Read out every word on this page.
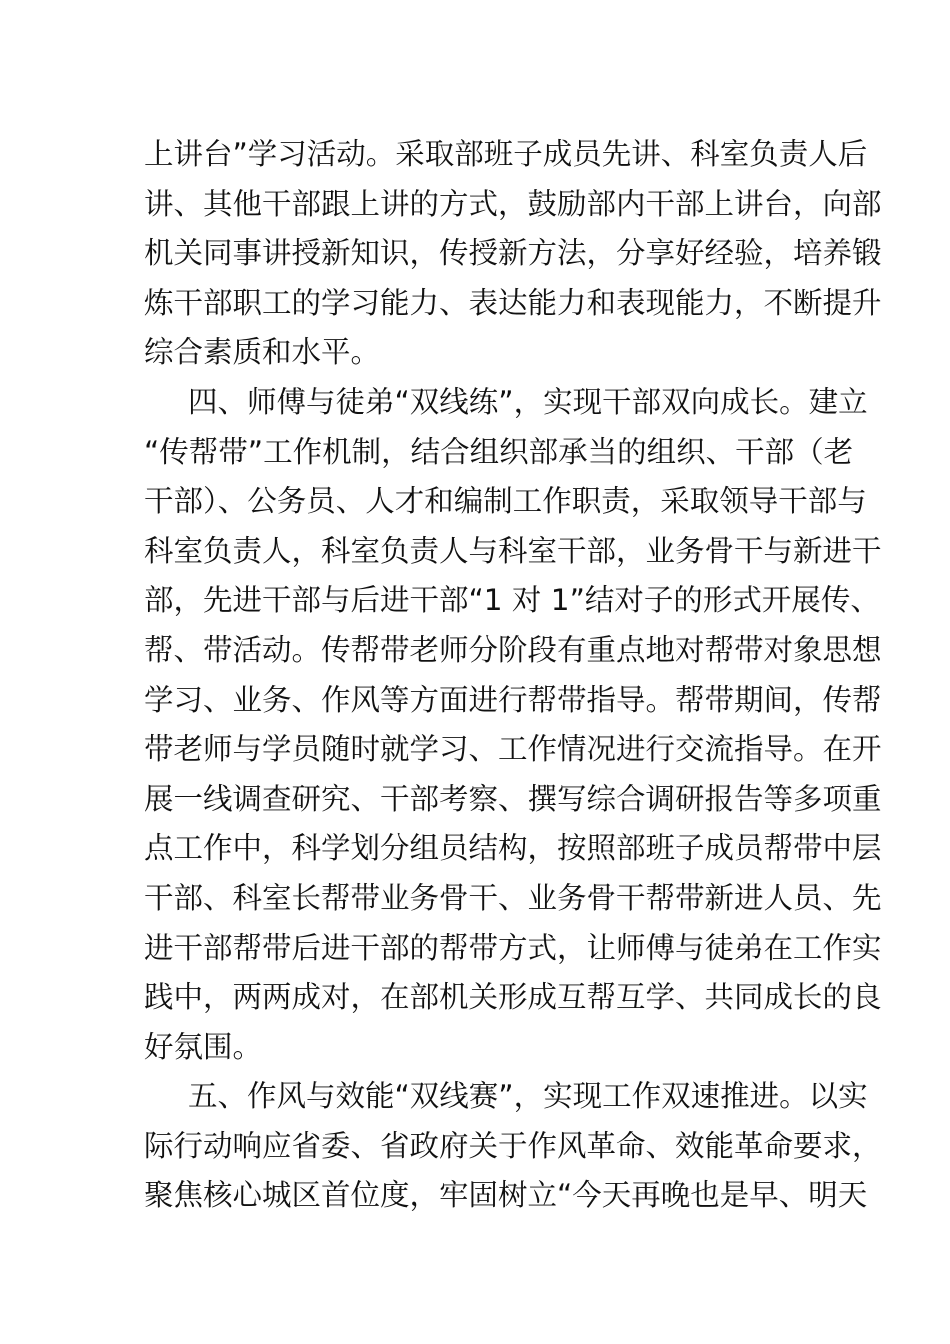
上讲台”学习活动。采取部班子成员先讲、科室负责人后
讲、其他干部跟上讲的方式，鼓励部内干部上讲台，向部
机关同事讲授新知识，传授新方法，分享好经验，培养锻
炼干部职工的学习能力、表达能力和表现能力，不断提升
综合素质和水平。
四、师傅与徒弟“双线练”，实现干部双向成长。建立
“传帮带”工作机制，结合组织部承当的组织、干部（老
干部）、公务员、人才和编制工作职责，采取领导干部与
科室负责人，科室负责人与科室干部，业务骨干与新进干
部，先进干部与后进干部“1 对 1”结对子的形式开展传、
帮、带活动。传帮带老师分阶段有重点地对帮带对象思想
学习、业务、作风等方面进行帮带指导。帮带期间，传帮
带老师与学员随时就学习、工作情况进行交流指导。在开
展一线调查研究、干部考察、撰写综合调研报告等多项重
点工作中，科学划分组员结构，按照部班子成员帮带中层
干部、科室长帮带业务骨干、业务骨干帮带新进人员、先
进干部帮带后进干部的帮带方式，让师傅与徒弟在工作实
践中，两两成对，在部机关形成互帮互学、共同成长的良
好氛围。
五、作风与效能“双线赛”，实现工作双速推进。以实
际行动响应省委、省政府关于作风革命、效能革命要求，
聚焦核心城区首位度，牢固树立“今天再晚也是早、明天
